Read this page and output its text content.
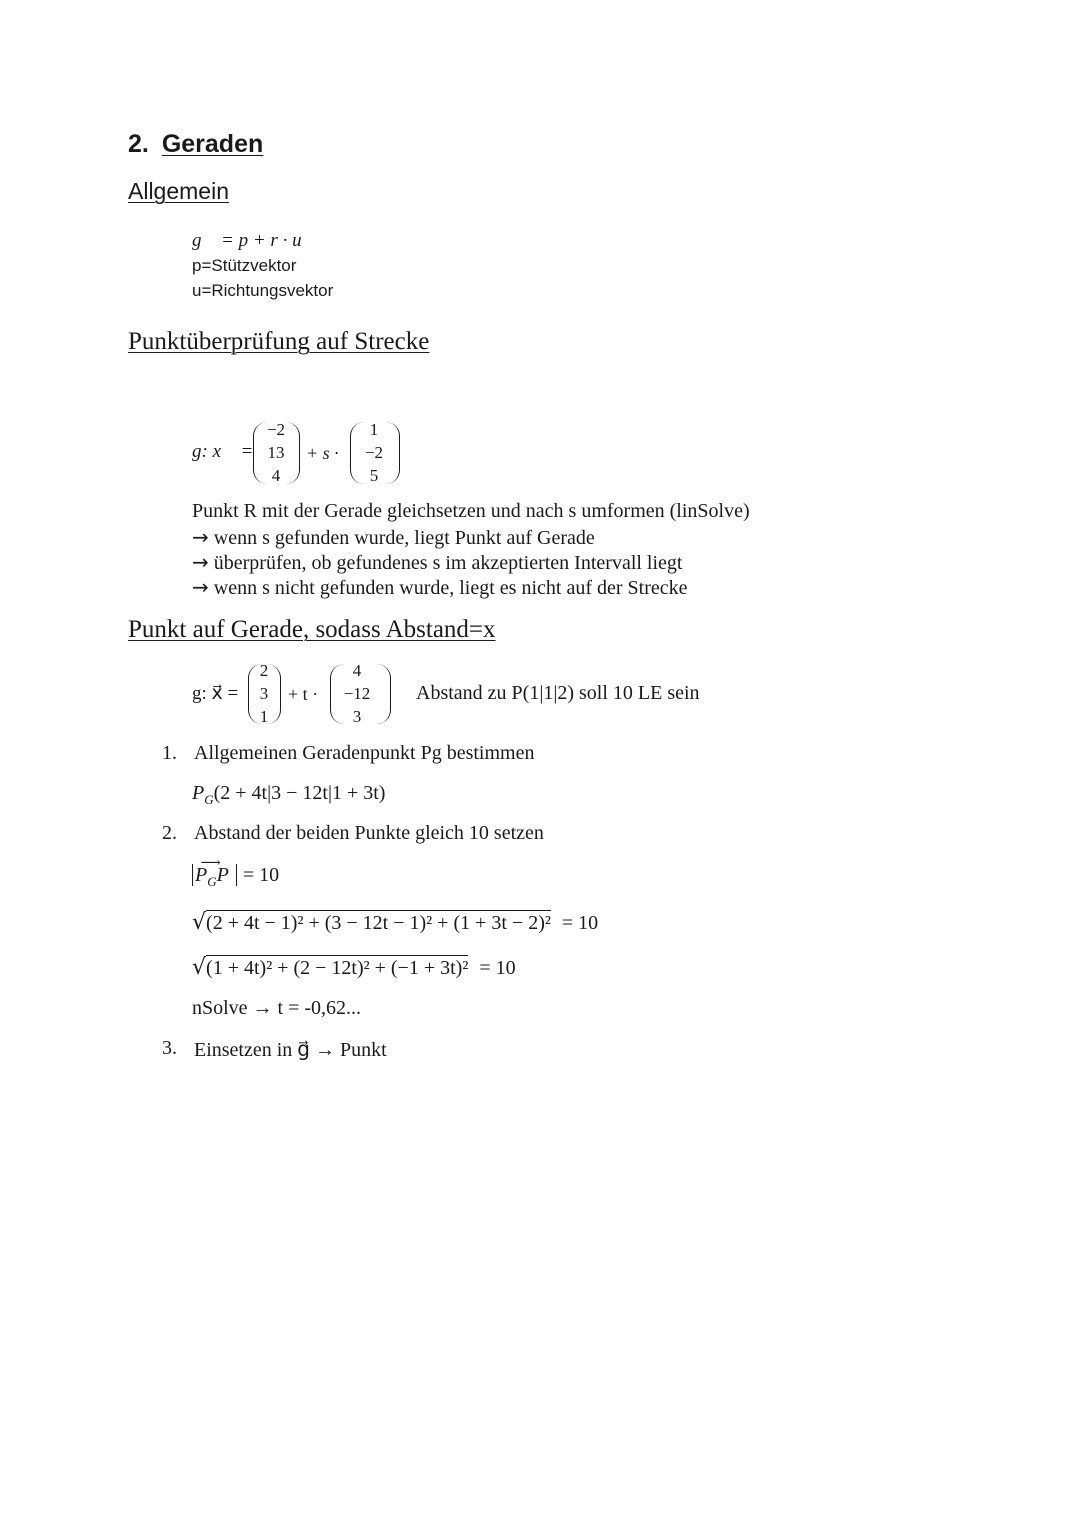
2. Geraden
Allgemein
g⃗ = p + r · u⃗
p=Stützvektor
u=Richtungsvektor
Punktüberprüfung auf Strecke
g: x⃗ =
−2
13
4
+ s ·
1
−2
5
Punkt R mit der Gerade gleichsetzen und nach s umformen (linSolve)
→ wenn s gefunden wurde, liegt Punkt auf Gerade
→ überprüfen, ob gefundenes s im akzeptierten Intervall liegt
→ wenn s nicht gefunden wurde, liegt es nicht auf der Strecke
Punkt auf Gerade, sodass Abstand=x
g: x⃗ =
2
3
1
+ t ·
4
−12
3
Abstand zu P(1|1|2) soll 10 LE sein
1. Allgemeinen Geradenpunkt Pg bestimmen
$P_G(2 + 4t|3 - 12t|1 + 3t)$
2. Abstand der beiden Punkte gleich 10 setzen
$P_GP$
⟶
= 10
√(2 + 4t − 1)² + (3 − 12t − 1)² + (1 + 3t − 2)² = 10
√(1 + 4t)² + (2 − 12t)² + (−1 + 3t)² = 10
nSolve → t = -0,62...
3. Einsetzen in g⃗ → Punkt
